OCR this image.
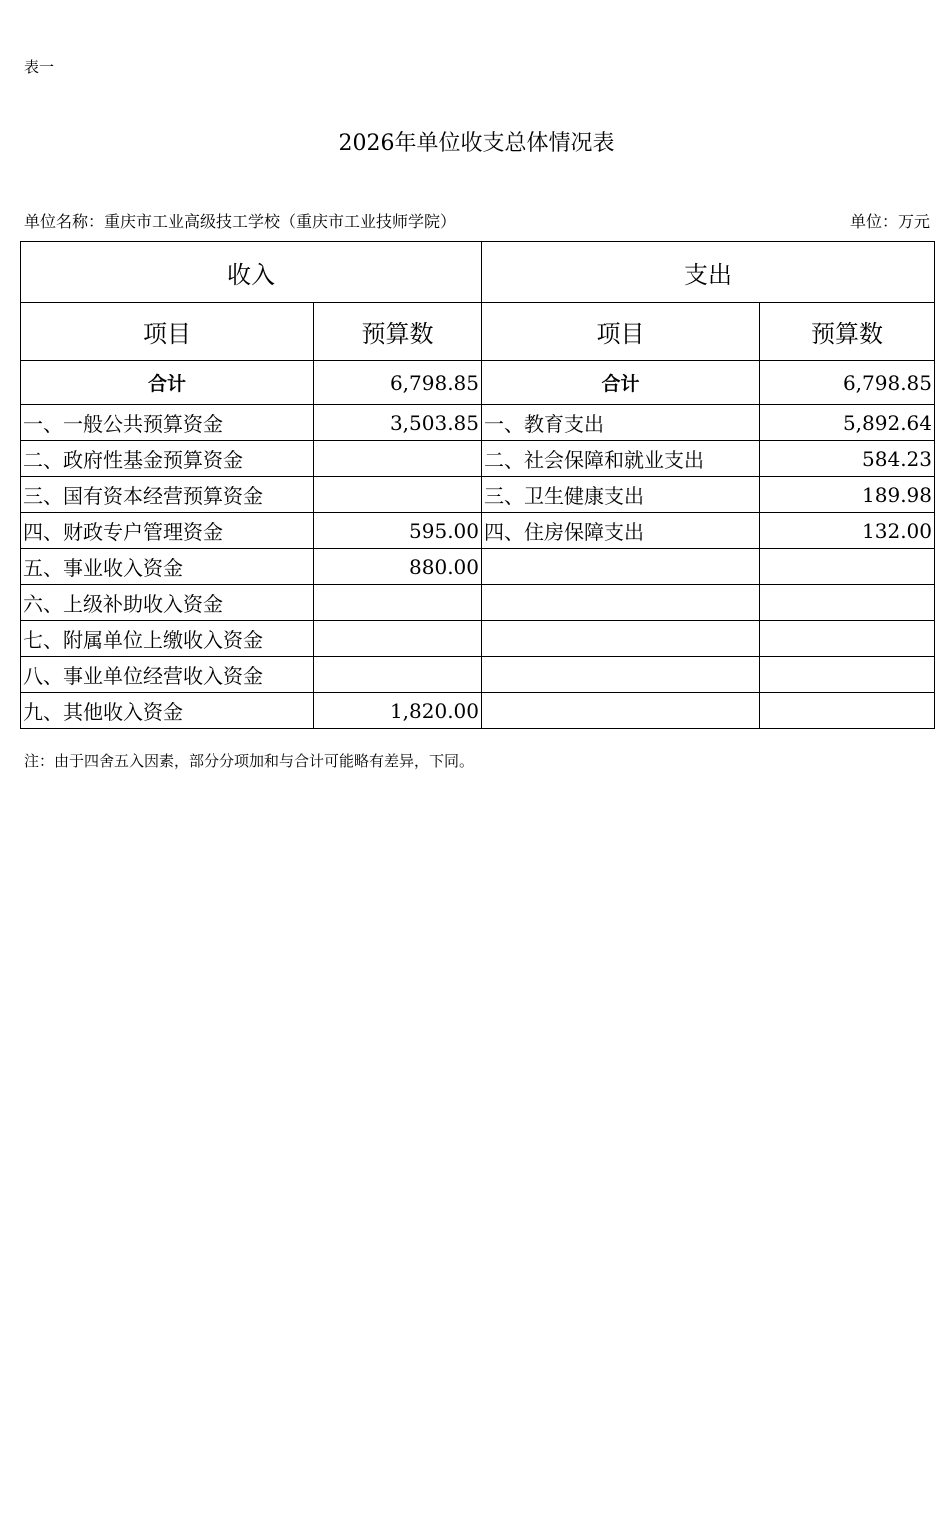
表一
2026年单位收支总体情况表
单位名称：重庆市工业高级技工学校（重庆市工业技师学院）	单位：万元
收入		支出	
项目	预算数	项目	预算数
合计	6,798.85	合计	6,798.85
一、一般公共预算资金	3,503.85	一、教育支出	5,892.64
二、政府性基金预算资金		二、社会保障和就业支出	584.23
三、国有资本经营预算资金		三、卫生健康支出	189.98
四、财政专户管理资金	595.00	四、住房保障支出	132.00
五、事业收入资金	880.00		
六、上级补助收入资金			
七、附属单位上缴收入资金			
八、事业单位经营收入资金			
九、其他收入资金	1,820.00		
注：由于四舍五入因素，部分分项加和与合计可能略有差异，下同。
